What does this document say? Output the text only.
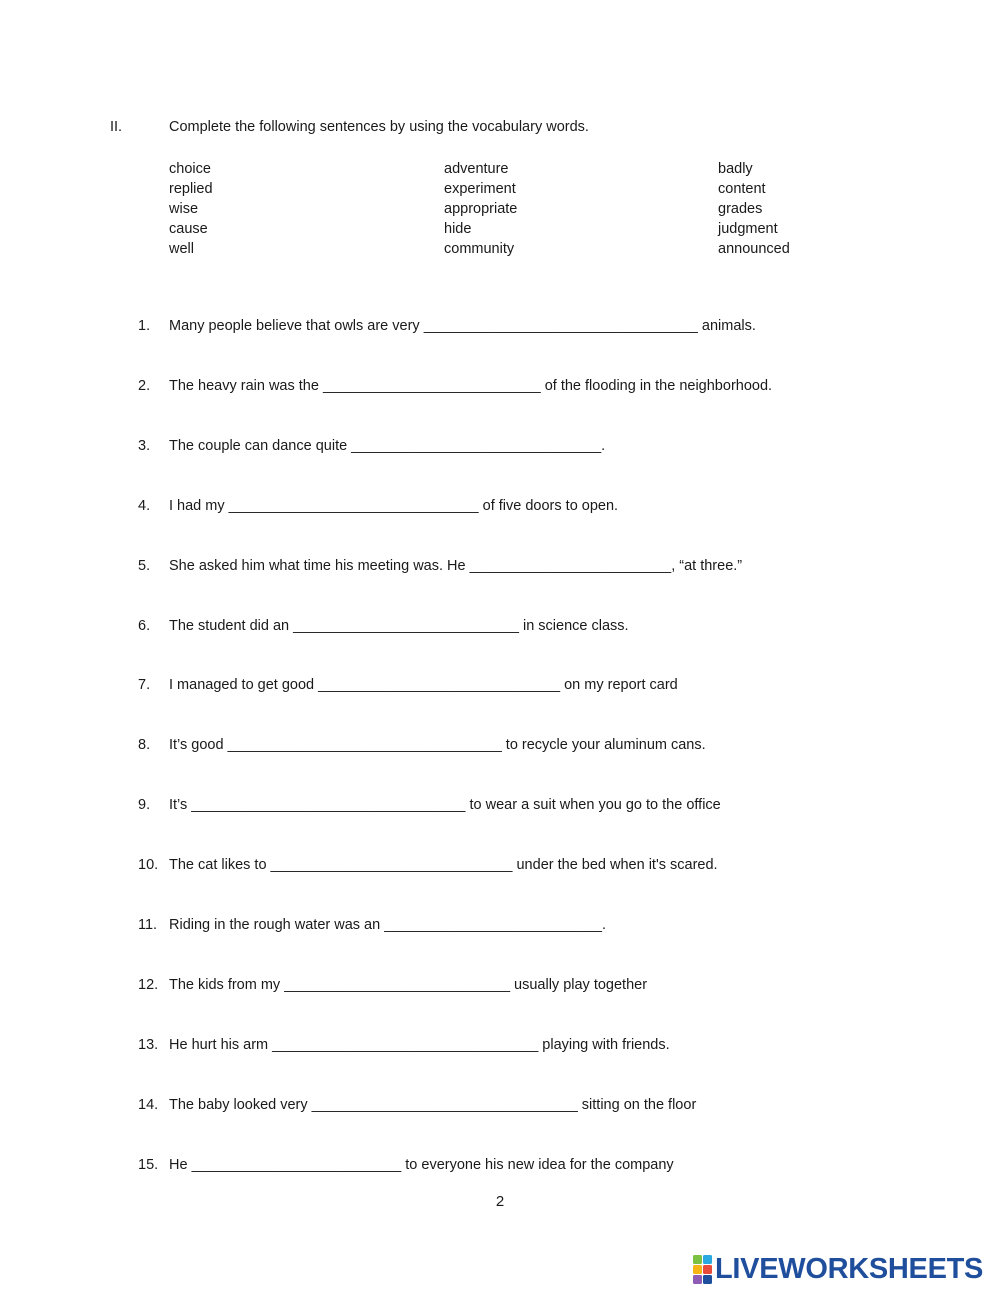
II.	Complete the following sentences by using the vocabulary words.
choice
replied
wise
cause
well
adventure
experiment
appropriate
hide
community
badly
content
grades
judgment
announced
1. Many people believe that owls are very __________________________________ animals.
2. The heavy rain was the ___________________________ of the flooding in the neighborhood.
3. The couple can dance quite _______________________________.
4. I had my _______________________________ of five doors to open.
5. She asked him what time his meeting was. He _________________________, “at three.”
6. The student did an ____________________________ in science class.
7. I managed to get good ______________________________ on my report card
8. It’s good __________________________________ to recycle your aluminum cans.
9. It’s __________________________________ to wear a suit when you go to the office
10. The cat likes to ______________________________ under the bed when it's scared.
11. Riding in the rough water was an ___________________________.
12. The kids from my ____________________________ usually play together
13. He hurt his arm _________________________________ playing with friends.
14. The baby looked very _________________________________ sitting on the floor
15. He __________________________ to everyone his new idea for the company
2
LIVEWORKSHEETS
